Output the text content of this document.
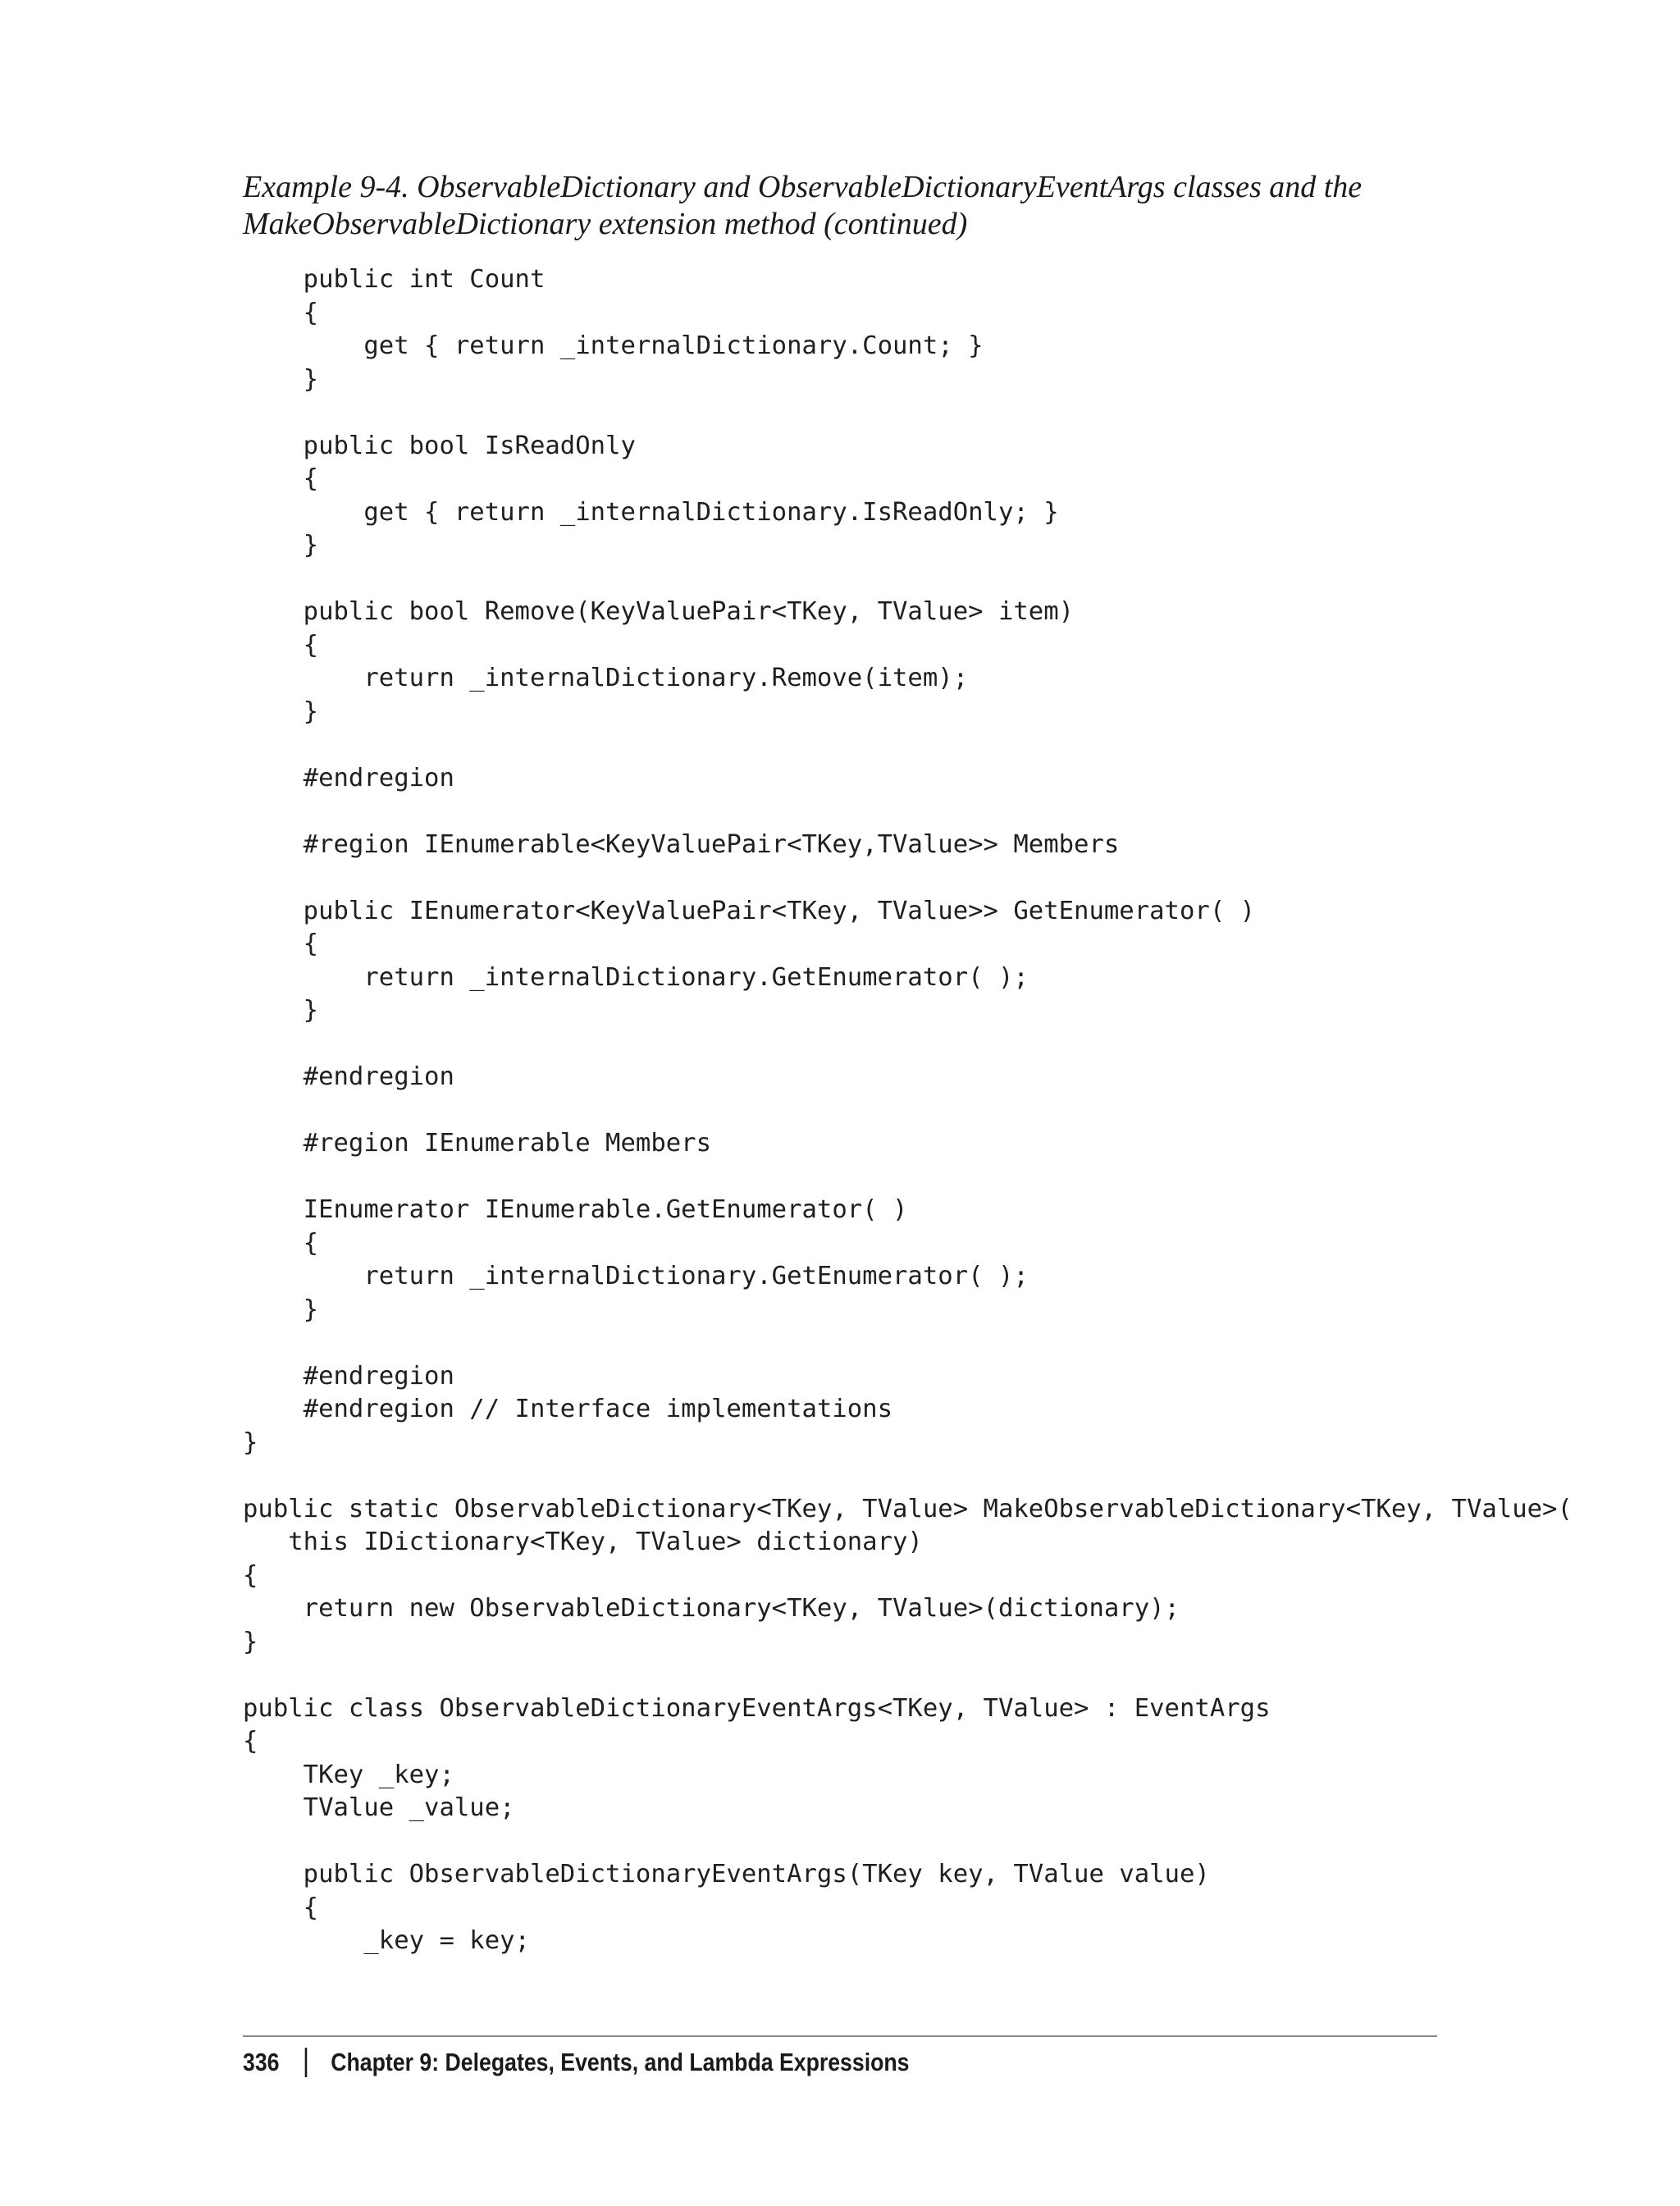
Example 9-4. ObservableDictionary and ObservableDictionaryEventArgs classes and the
MakeObservableDictionary extension method (continued)
public int Count
{
get { return _internalDictionary.Count; }
}
public bool IsReadOnly
{
get { return _internalDictionary.IsReadOnly; }
}
public bool Remove(KeyValuePair<TKey, TValue> item)
{
return _internalDictionary.Remove(item);
}
#endregion
#region IEnumerable<KeyValuePair<TKey,TValue>> Members
public IEnumerator<KeyValuePair<TKey, TValue>> GetEnumerator( )
{
return _internalDictionary.GetEnumerator( );
}
#endregion
#region IEnumerable Members
IEnumerator IEnumerable.GetEnumerator( )
{
return _internalDictionary.GetEnumerator( );
}
#endregion
#endregion // Interface implementations
}
public static ObservableDictionary<TKey, TValue> MakeObservableDictionary<TKey, TValue>(
this IDictionary<TKey, TValue> dictionary)
{
return new ObservableDictionary<TKey, TValue>(dictionary);
}
public class ObservableDictionaryEventArgs<TKey, TValue> : EventArgs
{
TKey _key;
TValue _value;
public ObservableDictionaryEventArgs(TKey key, TValue value)
{
_key = key;
336 Chapter 9: Delegates, Events, and Lambda Expressions
